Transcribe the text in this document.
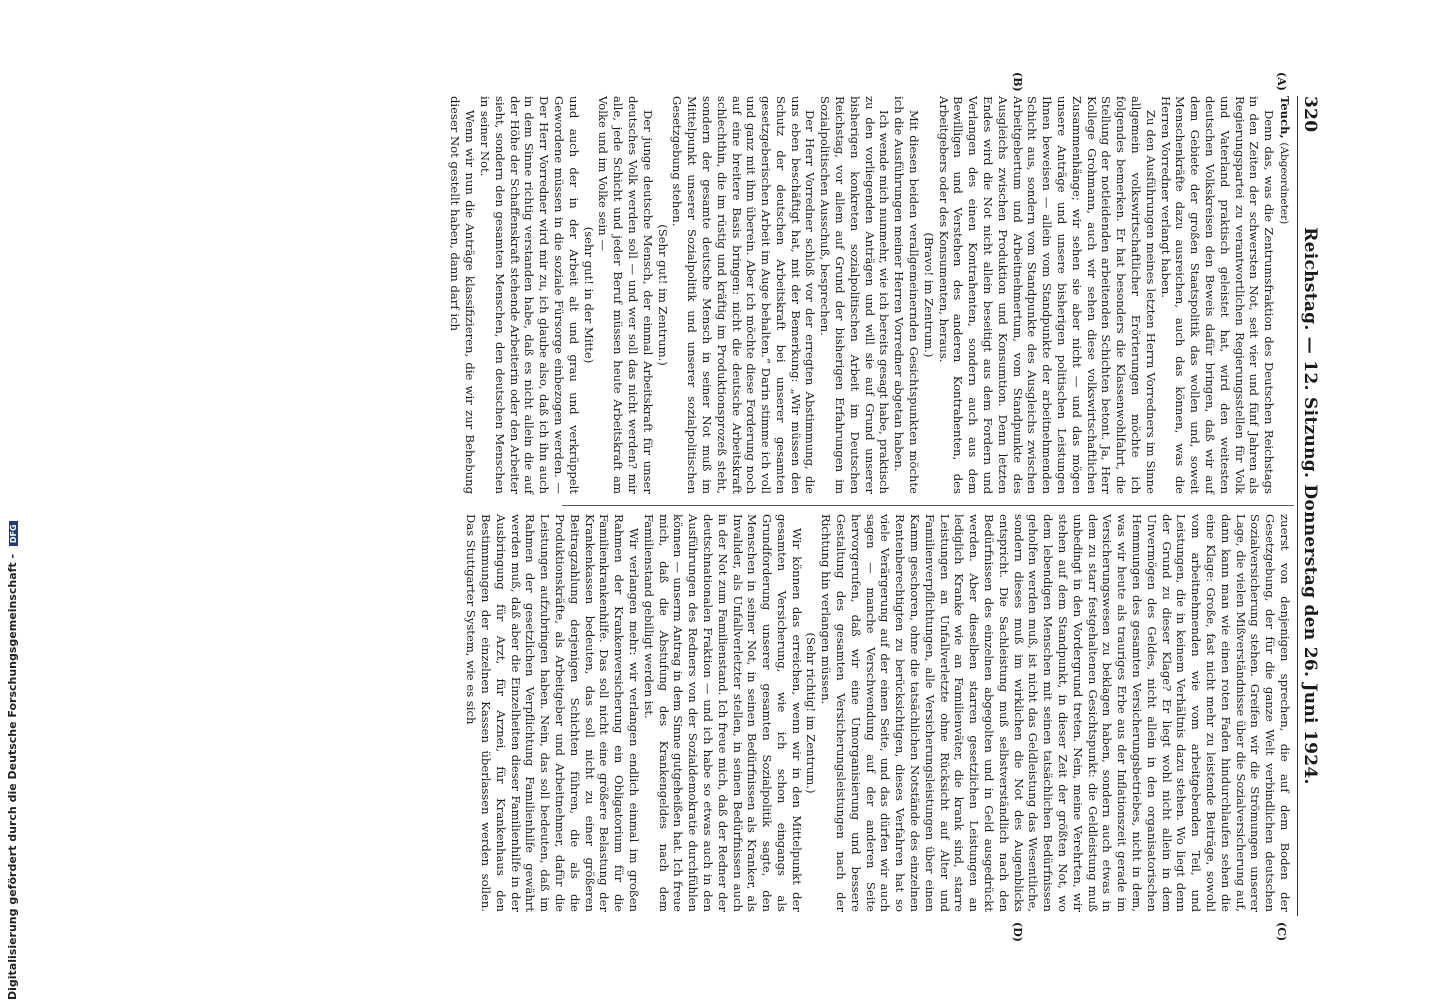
320
Reichstag. — 12. Sitzung. Donnerstag den 26. Juni 1924.
(A)
(B)
(C)
(D)

Teuch, (Abgeordneter)

Denn das, was die Zentrumsfraktion des Deutschen Reichstags in den Zeiten der schwersten Not, seit vier und fünf Jahren als Regierungspartei zu verantwortlichen Regierungsstellen für Volk und Vaterland praktisch geleistet hat, wird den weitesten deutschen Volkskreisen den Beweis dafür bringen, daß wir auf dem Gebiete der großen Staatspolitik das wollen und, soweit Menschenkräfte dazu ausreichen, auch das können, was die Herren Vorredner verlangt haben.

Zu den Ausführungen meines letzten Herrn Vorredners im Sinne allgemein volkswirtschaftlicher Erörterungen möchte ich folgendes bemerken. Er hat besonders die Klassenwohlfahrt, die Stellung der notleidenden arbeitenden Schichten betont. Ja, Herr Kollege Grohmann, auch wir sehen diese volkswirtschaftlichen Zusammenhänge; wir sehen sie aber nicht — und das mögen unsere Anträge und unsere bisherigen politischen Leistungen Ihnen beweisen — allein vom Standpunkte der arbeitnehmenden Schicht aus, sondern vom Standpunkte des Ausgleichs zwischen Arbeitgebertum und Arbeitnehmertum, vom Standpunkte des Ausgleichs zwischen Produktion und Konsumtion. Denn letzten Endes wird die Not nicht allein beseitigt aus dem Fordern und Verlangen des einen Kontrahenten, sondern auch aus dem Bewilligen und Verstehen des anderen Kontrahenten, des Arbeitgebers oder des Konsumenten, heraus.

(Bravo! im Zentrum.)

Mit diesen beiden verallgemeinernden Gesichtspunkten möchte ich die Ausführungen meiner Herren Vorredner abgetan haben.

Ich wende mich nunmehr, wie ich bereits gesagt habe, praktisch zu den vorliegenden Anträgen und will sie auf Grund unserer bisherigen konkreten sozialpolitischen Arbeit im Deutschen Reichstag, vor allem auf Grund der bisherigen Erfahrungen im Sozialpolitischen Ausschuß, besprechen.

Der Herr Vorredner schloß vor der erregten Abstimmung, die uns eben beschäftigt hat, mit der Bemerkung: „Wir müssen den Schutz der deutschen Arbeitskraft bei unserer gesamten gesetzgeberischen Arbeit im Auge behalten.“ Darin stimme ich voll und ganz mit ihm überein. Aber ich möchte diese Forderung noch auf eine breitere Basis bringen: nicht die deutsche Arbeitskraft schlechthin, die im rüstig und kräftig im Produktionsprozeß steht, sondern der gesamte deutsche Mensch in seiner Not muß im Mittelpunkt unserer Sozialpolitik und unserer sozialpolitischen Gesetzgebung stehen.

(Sehr gut! im Zentrum.)

Der junge deutsche Mensch, der einmal Arbeitskraft für unser deutsches Volk werden soll — und wer soll das nicht werden? mir alle, jede Schicht und jeder Beruf müssen heute Arbeitskraft am Volke und im Volke sein —

(sehr gut! in der Mitte)

und auch der in der Arbeit alt und grau und verkrüppelt Gewordene müssen in die soziale Fürsorge einbezogen werden. — Der Herr Vorredner wird mir zu, ich glaube also, daß ich ihn auch in dem Sinne richtig verstanden habe, daß es nicht allein die auf der Höhe der Schaffenskraft stehende Arbeiterin oder den Arbeiter sieht, sondern den gesamten Menschen, den deutschen Menschen in seiner Not.

Wenn wir nun die Anträge klassifizieren, die wir zur Behebung dieser Not gestellt haben, dann darf ich

zuerst von denjenigen sprechen, die auf dem Boden der Gesetzgebung, der für die ganze Welt verbindlichen deutschen Sozialversicherung stehen. Greifen wir die Strömungen unserer Lage, die vielen Mißverständnisse über die Sozialversicherung auf, dann kann man wie einen roten Faden hindurchlaufen sehen die eine Klage: Große, fast nicht mehr zu leistende Beiträge, sowohl vom arbeitnehmenden wie vom arbeitgebenden Teil, und Leistungen, die in keinem Verhältnis dazu stehen. Wo liegt denn der Grund zu dieser Klage? Er liegt wohl nicht allein in dem Unvermögen des Geldes, nicht allein in den organisatorischen Hemmungen des gesamten Versicherungsbetriebes, nicht in dem, was wir heute als trauriges Erbe aus der Inflationszeit gerade im Versicherungswesen zu beklagen haben, sondern auch etwas in dem zu starr festgehaltenen Gesichtspunkt: die Geldleistung muß unbedingt in den Vordergrund treten. Nein, meine Verehrten, wir stehen auf dem Standpunkt, in dieser Zeit der größten Not, wo dem lebendigen Menschen mit seinen tatsächlichen Bedürfnissen geholfen werden muß, ist nicht das Geldleistung das Wesentliche, sondern dieses muß im wirklichen die Not des Augenblicks entspricht. Die Sachleistung muß selbstverständlich nach den Bedürfnissen des einzelnen abgegolten und in Geld ausgedrückt werden. Aber dieselben starren gesetzlichen Leistungen an lediglich Kranke wie an Familienväter, die krank sind, starre Leistungen an Unfallverletzte ohne Rücksicht auf Alter und Familienverpflichtungen, alle Versicherungsleistungen über einen Kamm geschoren, ohne die tatsächlichen Notstände des einzelnen Rentenberechtigten zu berücksichtigen, dieses Verfahren hat so viele Verärgerung auf der einen Seite, und das dürfen wir auch sagen — manche Verschwendung auf der anderen Seite hervorgerufen, daß wir eine Umorganisierung und bessere Gestaltung des gesamten Versicherungsleistungen nach der Richtung hin verlangen müssen.

(Sehr richtig! im Zentrum.)

Wir können das erreichen, wenn wir in den Mittelpunkt der gesamten Versicherung, wie ich schon eingangs als Grundforderung unserer gesamten Sozialpolitik sagte, den Menschen in seiner Not, in seinen Bedürfnissen als Kranker, als Invalider, als Unfallverletzter stellen, in seinen Bedürfnissen auch in der Not zum Familienstand. Ich freue mich, daß der Redner der deutschnationalen Fraktion — und ich habe so etwas auch in den Ausführungen des Redners von der Sozialdemokratie durchfühlen können — unserm Antrag in dem Sinne gutgeheißen hat. Ich freue mich, daß die Abstufung des Krankengeldes nach dem Familienstand gebilligt werden ist.

Wir verlangen mehr: wir verlangen endlich einmal im großen Rahmen der Krankenversicherung ein Obligatorium für die Familienkrankenhilfe. Das soll nicht eine größere Belastung der Krankenkassen bedeuten, das soll nicht zu einer größeren Beitragzahlung derjenigen Schichten führen, die als die Produktionskräfte, als Arbeitgeber und Arbeitnehmer, dafür die Leistungen aufzubringen haben. Nein, das soll bedeuten, daß im Rahmen der gesetzlichen Verpflichtung Familienhilfe gewährt werden muß, daß aber die Einzelheiten dieser Familienhilfe in der Ausbringung für Arzt, für Arznei, für Krankenhaus den Bestimmungen der einzelnen Kassen überlassen werden sollen. Das Stuttgarter System, wie es sich

Digitalisierung gefördert durch die Deutsche Forschungsgemeinschaft - DFG
